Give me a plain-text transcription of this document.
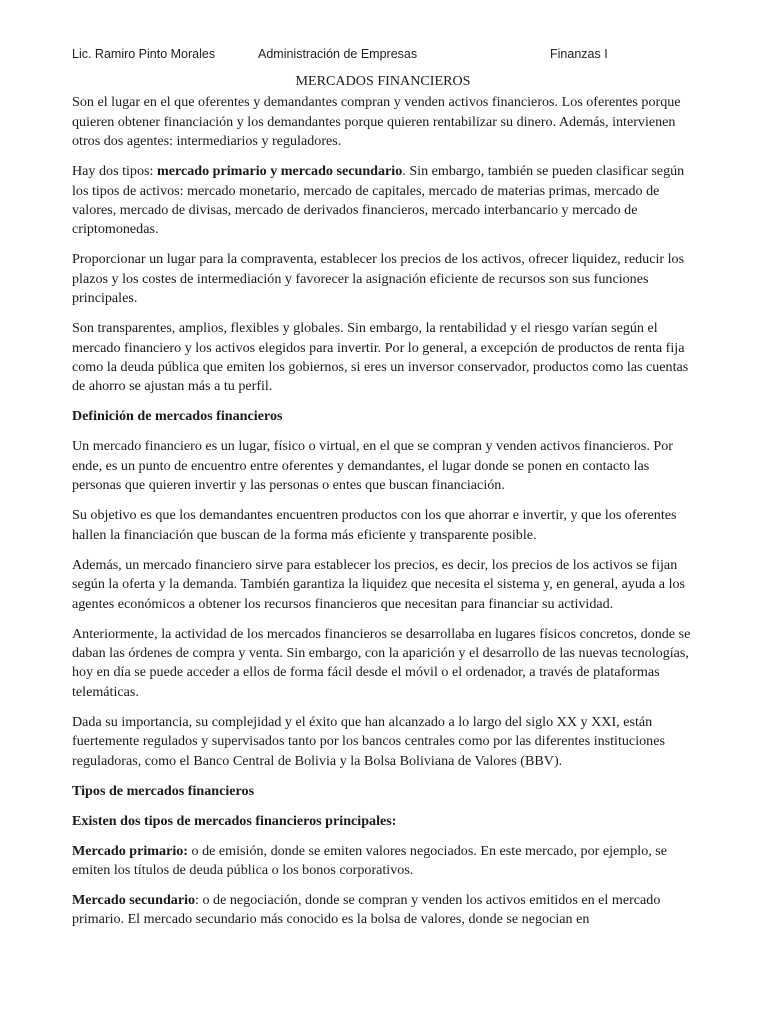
Lic. Ramiro Pinto Morales	Administración de Empresas	Finanzas I
MERCADOS FINANCIEROS

Son el lugar en el que oferentes y demandantes compran y venden activos financieros. Los oferentes porque quieren obtener financiación y los demandantes porque quieren rentabilizar su dinero. Además, intervienen otros dos agentes: intermediarios y reguladores.

Hay dos tipos: mercado primario y mercado secundario. Sin embargo, también se pueden clasificar según los tipos de activos: mercado monetario, mercado de capitales, mercado de materias primas, mercado de valores, mercado de divisas, mercado de derivados financieros, mercado interbancario y mercado de criptomonedas.

Proporcionar un lugar para la compraventa, establecer los precios de los activos, ofrecer liquidez, reducir los plazos y los costes de intermediación y favorecer la asignación eficiente de recursos son sus funciones principales.

Son transparentes, amplios, flexibles y globales. Sin embargo, la rentabilidad y el riesgo varían según el mercado financiero y los activos elegidos para invertir. Por lo general, a excepción de productos de renta fija como la deuda pública que emiten los gobiernos, si eres un inversor conservador, productos como las cuentas de ahorro se ajustan más a tu perfil.

Definición de mercados financieros

Un mercado financiero es un lugar, físico o virtual, en el que se compran y venden activos financieros. Por ende, es un punto de encuentro entre oferentes y demandantes, el lugar donde se ponen en contacto las personas que quieren invertir y las personas o entes que buscan financiación.

Su objetivo es que los demandantes encuentren productos con los que ahorrar e invertir, y que los oferentes hallen la financiación que buscan de la forma más eficiente y transparente posible.

Además, un mercado financiero sirve para establecer los precios, es decir, los precios de los activos se fijan según la oferta y la demanda. También garantiza la liquidez que necesita el sistema y, en general, ayuda a los agentes económicos a obtener los recursos financieros que necesitan para financiar su actividad.

Anteriormente, la actividad de los mercados financieros se desarrollaba en lugares físicos concretos, donde se daban las órdenes de compra y venta. Sin embargo, con la aparición y el desarrollo de las nuevas tecnologías, hoy en día se puede acceder a ellos de forma fácil desde el móvil o el ordenador, a través de plataformas telemáticas.

Dada su importancia, su complejidad y el éxito que han alcanzado a lo largo del siglo XX y XXI, están fuertemente regulados y supervisados tanto por los bancos centrales como por las diferentes instituciones reguladoras, como el Banco Central de Bolivia y la Bolsa Boliviana de Valores (BBV).

Tipos de mercados financieros
Existen dos tipos de mercados financieros principales:

Mercado primario: o de emisión, donde se emiten valores negociados. En este mercado, por ejemplo, se emiten los títulos de deuda pública o los bonos corporativos.

Mercado secundario: o de negociación, donde se compran y venden los activos emitidos en el mercado primario. El mercado secundario más conocido es la bolsa de valores, donde se negocian en
